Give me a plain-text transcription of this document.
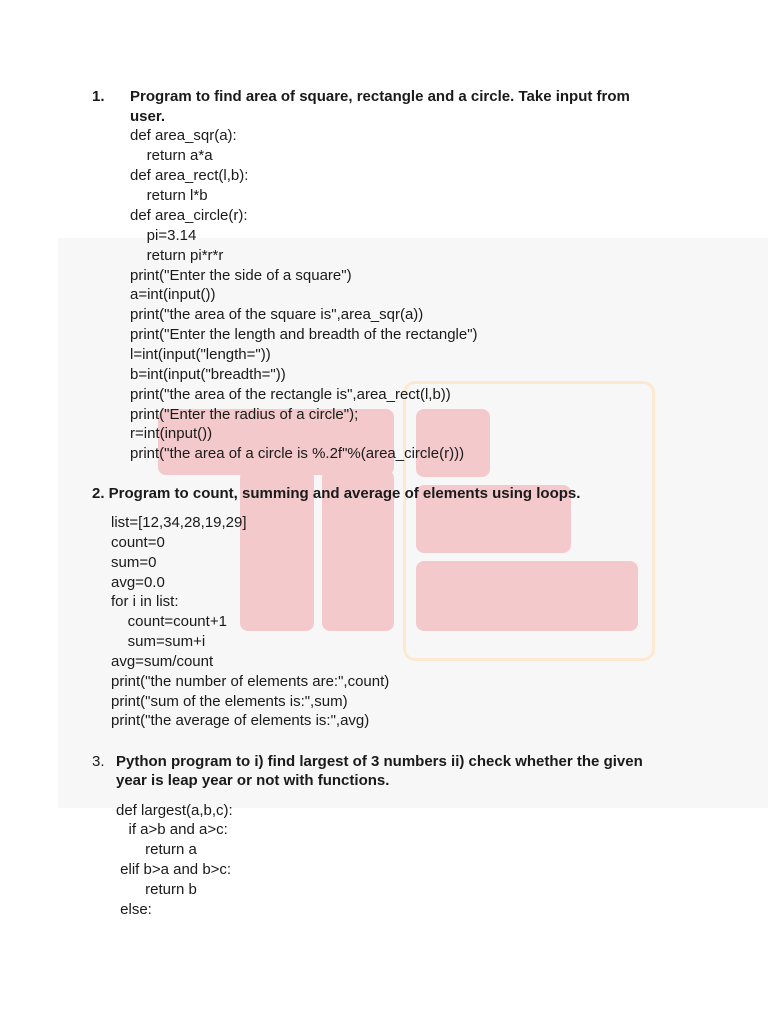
1. Program to find area of square, rectangle and a circle. Take input from
user.
def area_sqr(a):
return a*a
def area_rect(l,b):
return l*b
def area_circle(r):
pi=3.14
return pi*r*r
print("Enter the side of a square")
a=int(input())
print("the area of the square is",area_sqr(a))
print("Enter the length and breadth of the rectangle")
l=int(input("length="))
b=int(input("breadth="))
print("the area of the rectangle is",area_rect(l,b))
print("Enter the radius of a circle");
r=int(input())
print("the area of a circle is %.2f"%(area_circle(r)))
2. Program to count, summing and average of elements using loops.
list=[12,34,28,19,29]
count=0
sum=0
avg=0.0
for i in list:
count=count+1
sum=sum+i
avg=sum/count
print("the number of elements are:",count)
print("sum of the elements is:",sum)
print("the average of elements is:",avg)
3. Python program to i) find largest of 3 numbers ii) check whether the given
year is leap year or not with functions.
def largest(a,b,c):
if a>b and a>c:
return a
elif b>a and b>c:
return b
else:
